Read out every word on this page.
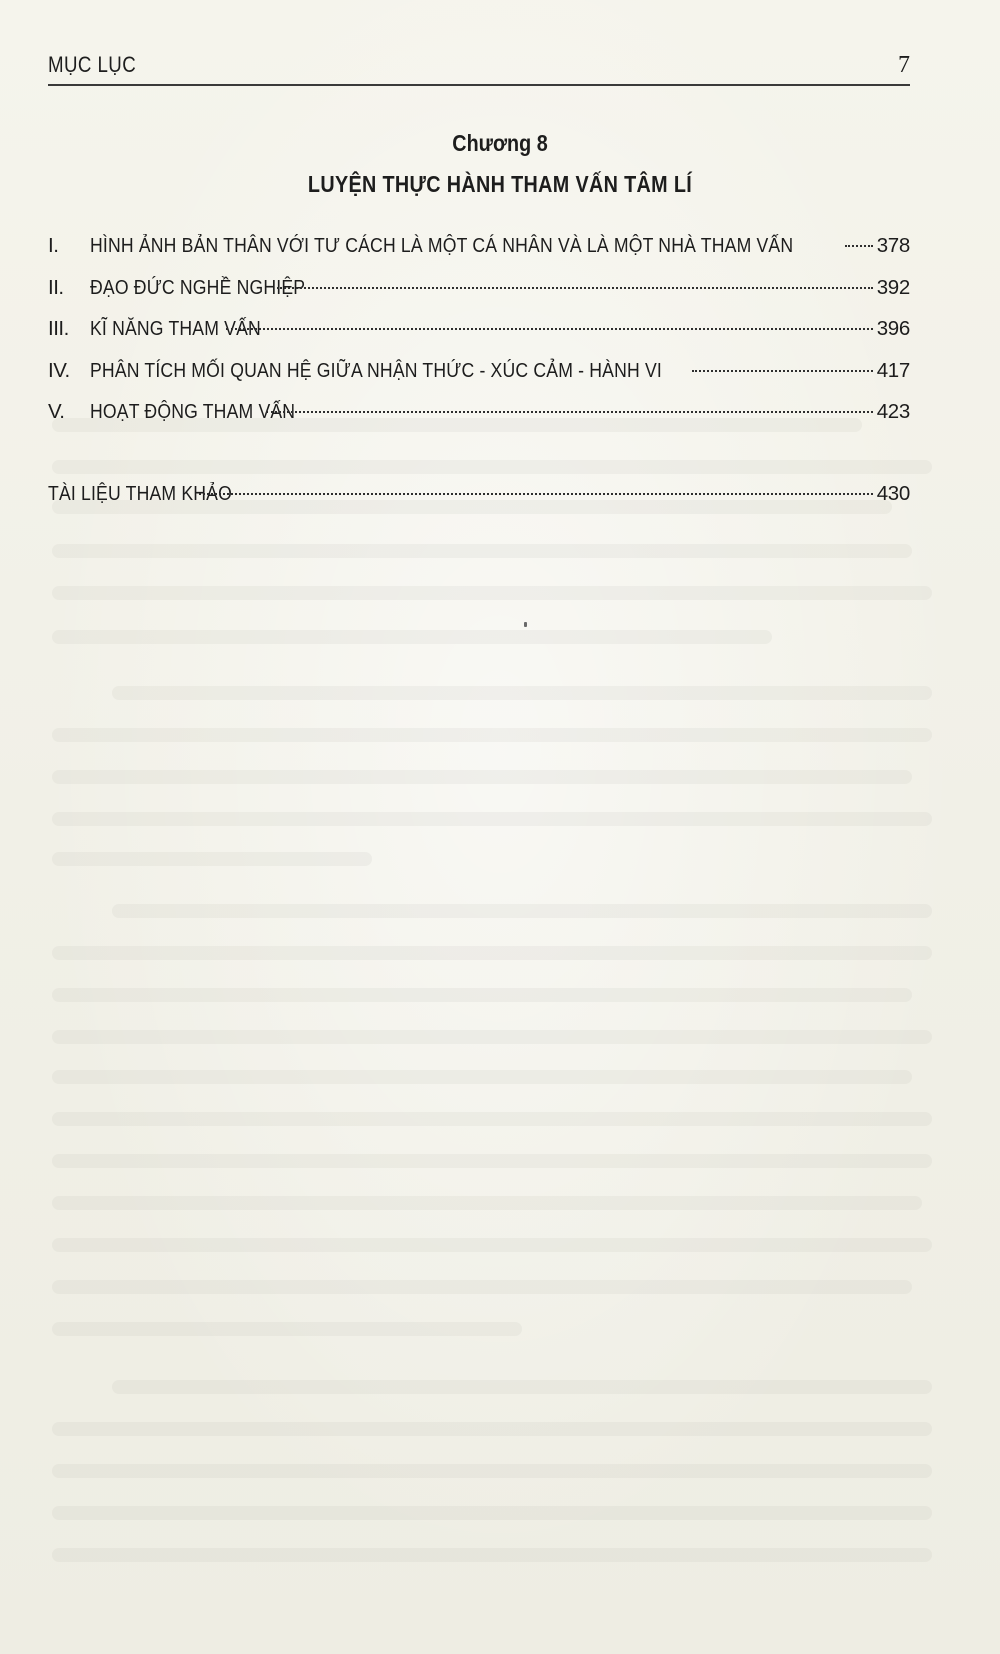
MỤC LỤC	7
Chương 8
LUYỆN THỰC HÀNH THAM VẤN TÂM LÍ
I.	HÌNH ẢNH BẢN THÂN VỚI TƯ CÁCH LÀ MỘT CÁ NHÂN VÀ LÀ MỘT NHÀ THAM VẤN	378
II.	ĐẠO ĐỨC NGHỀ NGHIỆP	392
III.	KĨ NĂNG THAM VẤN	396
IV. PHÂN TÍCH MỐI QUAN HỆ GIỮA NHẬN THỨC - XÚC CẢM - HÀNH VI	417
V.	HOẠT ĐỘNG THAM VẤN	423
TÀI LIỆU THAM KHẢO	430
